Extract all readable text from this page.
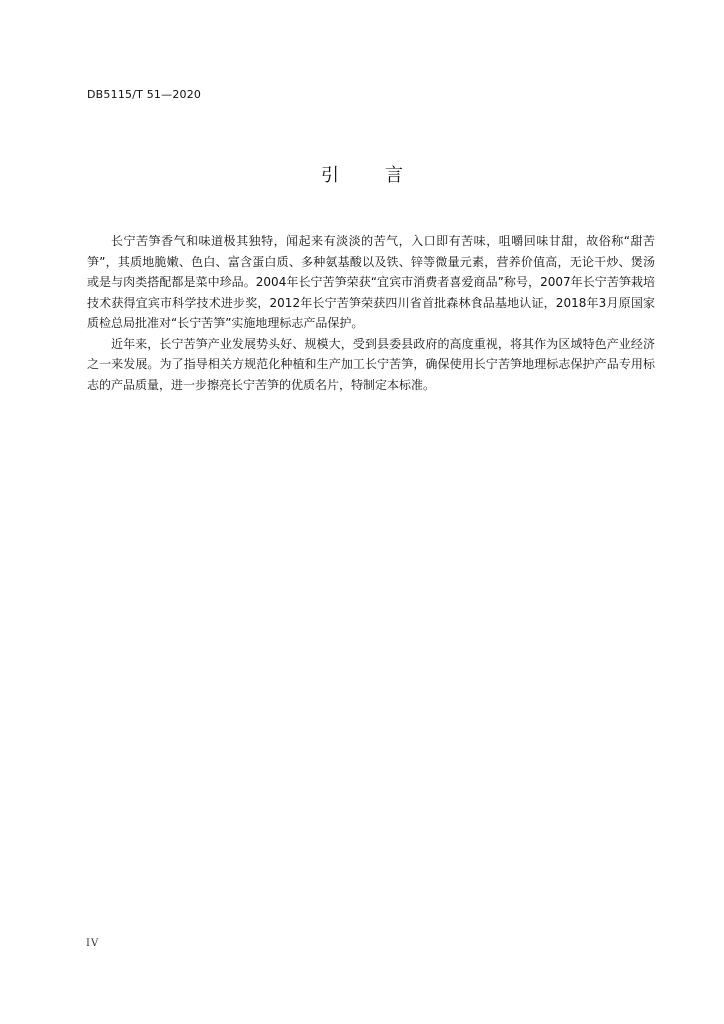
DB5115/T 51—2020
引	言

长宁苦笋香气和味道极其独特，闻起来有淡淡的苦气，入口即有苦味，咀嚼回味甘甜，故俗称“甜苦笋”，其质地脆嫩、色白、富含蛋白质、多种氨基酸以及铁、锌等微量元素，营养价值高，无论干炒、煲汤或是与肉类搭配都是菜中珍品。2004年长宁苦笋荣获“宜宾市消费者喜爱商品”称号，2007年长宁苦笋栽培技术获得宜宾市科学技术进步奖，2012年长宁苦笋荣获四川省首批森林食品基地认证，2018年3月原国家质检总局批准对“长宁苦笋”实施地理标志产品保护。

近年来，长宁苦笋产业发展势头好、规模大，受到县委县政府的高度重视，将其作为区域特色产业经济之一来发展。为了指导相关方规范化种植和生产加工长宁苦笋，确保使用长宁苦笋地理标志保护产品专用标志的产品质量，进一步擦亮长宁苦笋的优质名片，特制定本标准。

IV
